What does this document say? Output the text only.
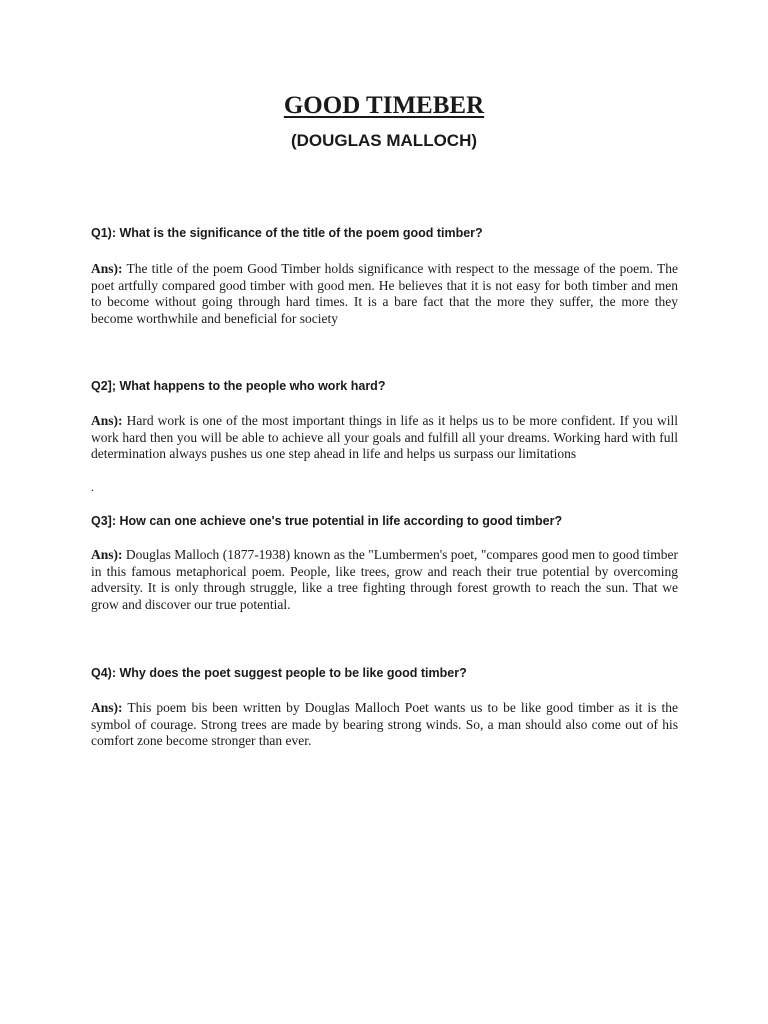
GOOD TIMEBER
(DOUGLAS MALLOCH)

Q1): What is the significance of the title of the poem good timber?

Ans): The title of the poem Good Timber holds significance with respect to the message of the poem. The poet artfully compared good timber with good men. He believes that it is not easy for both timber and men to become without going through hard times. It is a bare fact that the more they suffer, the more they become worthwhile and beneficial for society

Q2]; What happens to the people who work hard?

Ans): Hard work is one of the most important things in life as it helps us to be more confident. If you will work hard then you will be able to achieve all your goals and fulfill all your dreams. Working hard with full determination always pushes us one step ahead in life and helps us surpass our limitations

.

Q3]: How can one achieve one's true potential in life according to good timber?

Ans): Douglas Malloch (1877-1938) known as the "Lumbermen's poet, "compares good men to good timber in this famous metaphorical poem. People, like trees, grow and reach their true potential by overcoming adversity. It is only through struggle, like a tree fighting through forest growth to reach the sun. That we grow and discover our true potential.

Q4): Why does the poet suggest people to be like good timber?

Ans): This poem bis been written by Douglas Malloch Poet wants us to be like good timber as it is the symbol of courage. Strong trees are made by bearing strong winds. So, a man should also come out of his comfort zone become stronger than ever.
